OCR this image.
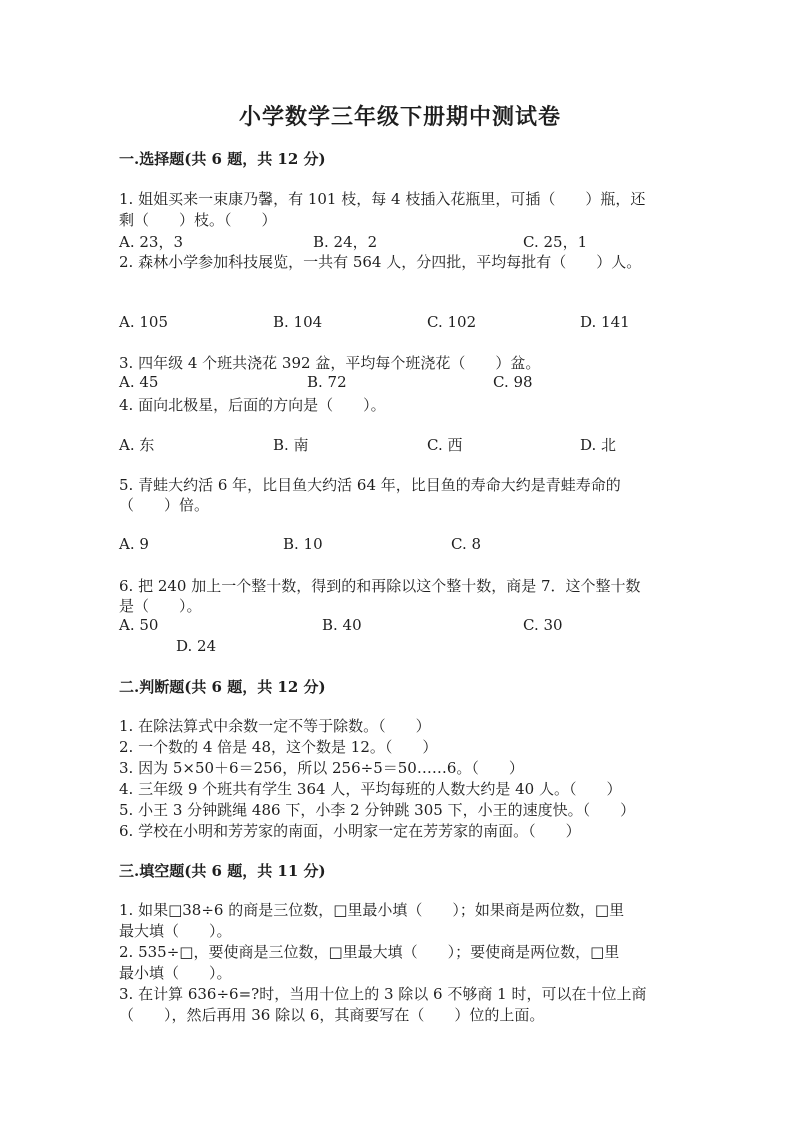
小学数学三年级下册期中测试卷
一.选择题(共 6 题，共 12 分)
1. 姐姐买来一束康乃馨，有 101 枝，每 4 枝插入花瓶里，可插（　　）瓶，还
剩（　　）枝。（　　）
A. 23，3	B. 24，2	C. 25，1
2. 森林小学参加科技展览，一共有 564 人，分四批，平均每批有（　　）人。
A. 105	B. 104	C. 102	D. 141
3. 四年级 4 个班共浇花 392 盆，平均每个班浇花（　　）盆。
A. 45	B. 72	C. 98
4. 面向北极星，后面的方向是（　　）。
A. 东	B. 南	C. 西	D. 北
5. 青蛙大约活 6 年，比目鱼大约活 64 年，比目鱼的寿命大约是青蛙寿命的
（　　）倍。
A. 9	B. 10	C. 8
6. 把 240 加上一个整十数，得到的和再除以这个整十数，商是 7．这个整十数
是（　　）。
A. 50	B. 40	C. 30
D. 24
二.判断题(共 6 题，共 12 分)
1. 在除法算式中余数一定不等于除数。（　　）
2. 一个数的 4 倍是 48，这个数是 12。（　　）
3. 因为 5×50＋6＝256，所以 256÷5＝50……6。（　　）
4. 三年级 9 个班共有学生 364 人，平均每班的人数大约是 40 人。（　　）
5. 小王 3 分钟跳绳 486 下，小李 2 分钟跳 305 下，小王的速度快。（　　）
6. 学校在小明和芳芳家的南面，小明家一定在芳芳家的南面。（　　）
三.填空题(共 6 题，共 11 分)
1. 如果□38÷6 的商是三位数，□里最小填（　　）；如果商是两位数，□里
最大填（　　）。
2. 535÷□，要使商是三位数，□里最大填（　　）；要使商是两位数，□里
最小填（　　）。
3. 在计算 636÷6=?时，当用十位上的 3 除以 6 不够商 1 时，可以在十位上商
（　　），然后再用 36 除以 6，其商要写在（　　）位的上面。
